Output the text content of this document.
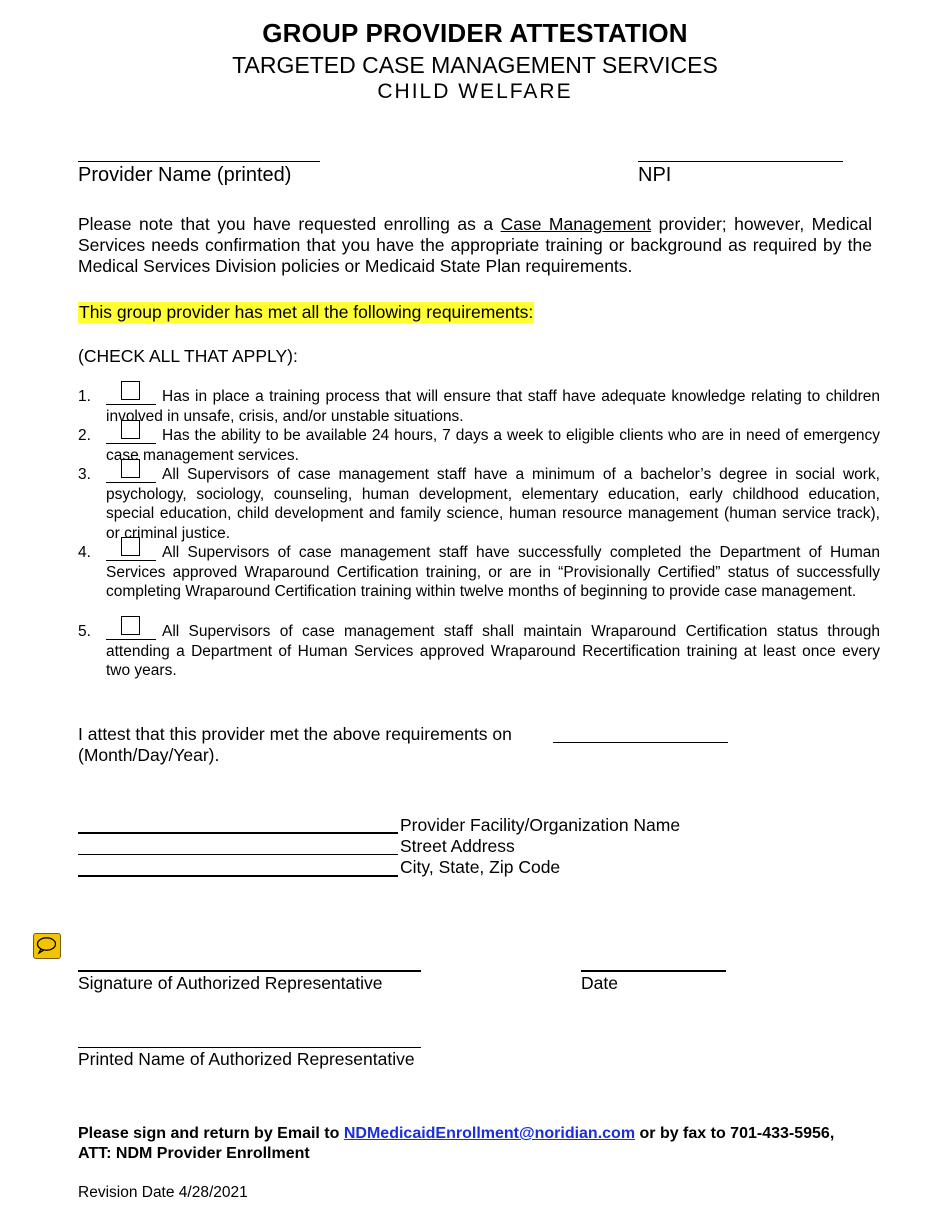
GROUP PROVIDER ATTESTATION
TARGETED CASE MANAGEMENT SERVICES
CHILD WELFARE
Provider Name (printed)	NPI
Please note that you have requested enrolling as a Case Management provider; however, Medical Services needs confirmation that you have the appropriate training or background as required by the Medical Services Division policies or Medicaid State Plan requirements.
This group provider has met all the following requirements:
(CHECK ALL THAT APPLY):
1.	Has in place a training process that will ensure that staff have adequate knowledge relating to children involved in unsafe, crisis, and/or unstable situations.
2.	Has the ability to be available 24 hours, 7 days a week to eligible clients who are in need of emergency case management services.
3.	All Supervisors of case management staff have a minimum of a bachelor’s degree in social work, psychology, sociology, counseling, human development, elementary education, early childhood education, special education, child development and family science, human resource management (human service track), or criminal justice.
4.	All Supervisors of case management staff have successfully completed the Department of Human Services approved Wraparound Certification training, or are in “Provisionally Certified” status of successfully completing Wraparound Certification training within twelve months of beginning to provide case management.
5.	All Supervisors of case management staff shall maintain Wraparound Certification status through attending a Department of Human Services approved Wraparound Recertification training at least once every two years.
I attest that this provider met the above requirements on
(Month/Day/Year).
Provider Facility/Organization Name
Street Address
City, State, Zip Code
Signature of Authorized Representative	Date
Printed Name of Authorized Representative
Please sign and return by Email to NDMedicaidEnrollment@noridian.com or by fax to 701-433-5956,
ATT: NDM Provider Enrollment
Revision Date 4/28/2021
